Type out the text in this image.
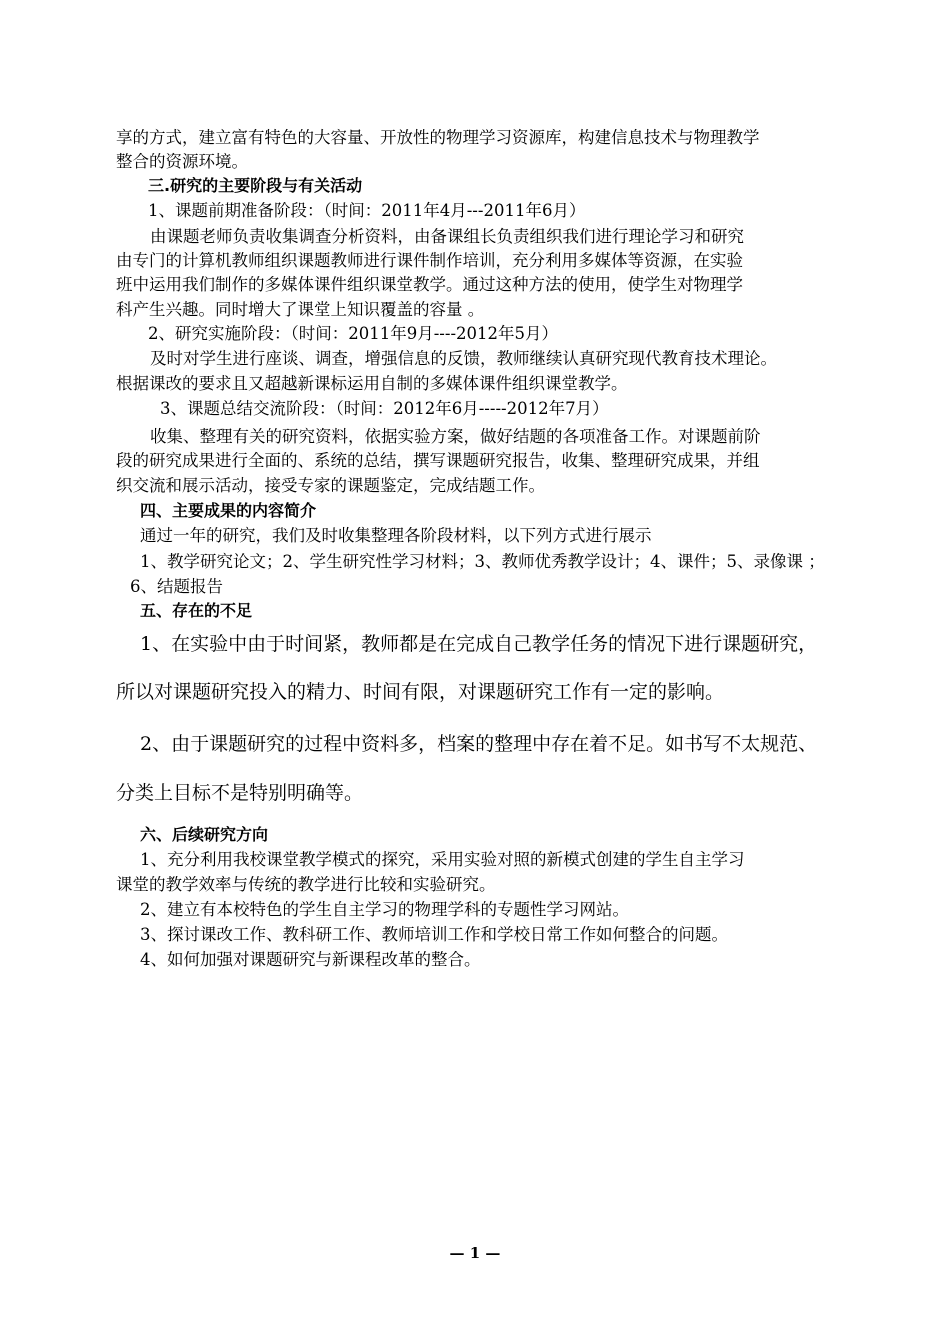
享的方式，建立富有特色的大容量、开放性的物理学习资源库，构建信息技术与物理教学
整合的资源环境。
三.研究的主要阶段与有关活动
1、课题前期准备阶段：（时间：2011年4月---2011年6月）
由课题老师负责收集调查分析资料，由备课组长负责组织我们进行理论学习和研究
由专门的计算机教师组织课题教师进行课件制作培训，充分利用多媒体等资源，在实验
班中运用我们制作的多媒体课件组织课堂教学。通过这种方法的使用，使学生对物理学
科产生兴趣。同时增大了课堂上知识覆盖的容量 。
2、研究实施阶段：（时间：2011年9月----2012年5月）
及时对学生进行座谈、调查，增强信息的反馈，教师继续认真研究现代教育技术理论。
根据课改的要求且又超越新课标运用自制的多媒体课件组织课堂教学。
3、课题总结交流阶段：（时间：2012年6月-----2012年7月）
收集、整理有关的研究资料，依据实验方案，做好结题的各项准备工作。对课题前阶
段的研究成果进行全面的、系统的总结，撰写课题研究报告，收集、整理研究成果，并组
织交流和展示活动，接受专家的课题鉴定，完成结题工作。
四、主要成果的内容简介
通过一年的研究，我们及时收集整理各阶段材料，以下列方式进行展示
1、教学研究论文；2、学生研究性学习材料；3、教师优秀教学设计；4、课件；5、录像课 ；
6、结题报告
五、存在的不足
1、在实验中由于时间紧，教师都是在完成自己教学任务的情况下进行课题研究，
所以对课题研究投入的精力、时间有限，对课题研究工作有一定的影响。
2、由于课题研究的过程中资料多，档案的整理中存在着不足。如书写不太规范、
分类上目标不是特别明确等。
六、后续研究方向
1、充分利用我校课堂教学模式的探究，采用实验对照的新模式创建的学生自主学习
课堂的教学效率与传统的教学进行比较和实验研究。
2、建立有本校特色的学生自主学习的物理学科的专题性学习网站。
3、探讨课改工作、教科研工作、教师培训工作和学校日常工作如何整合的问题。
4、如何加强对课题研究与新课程改革的整合。
— 1 —
